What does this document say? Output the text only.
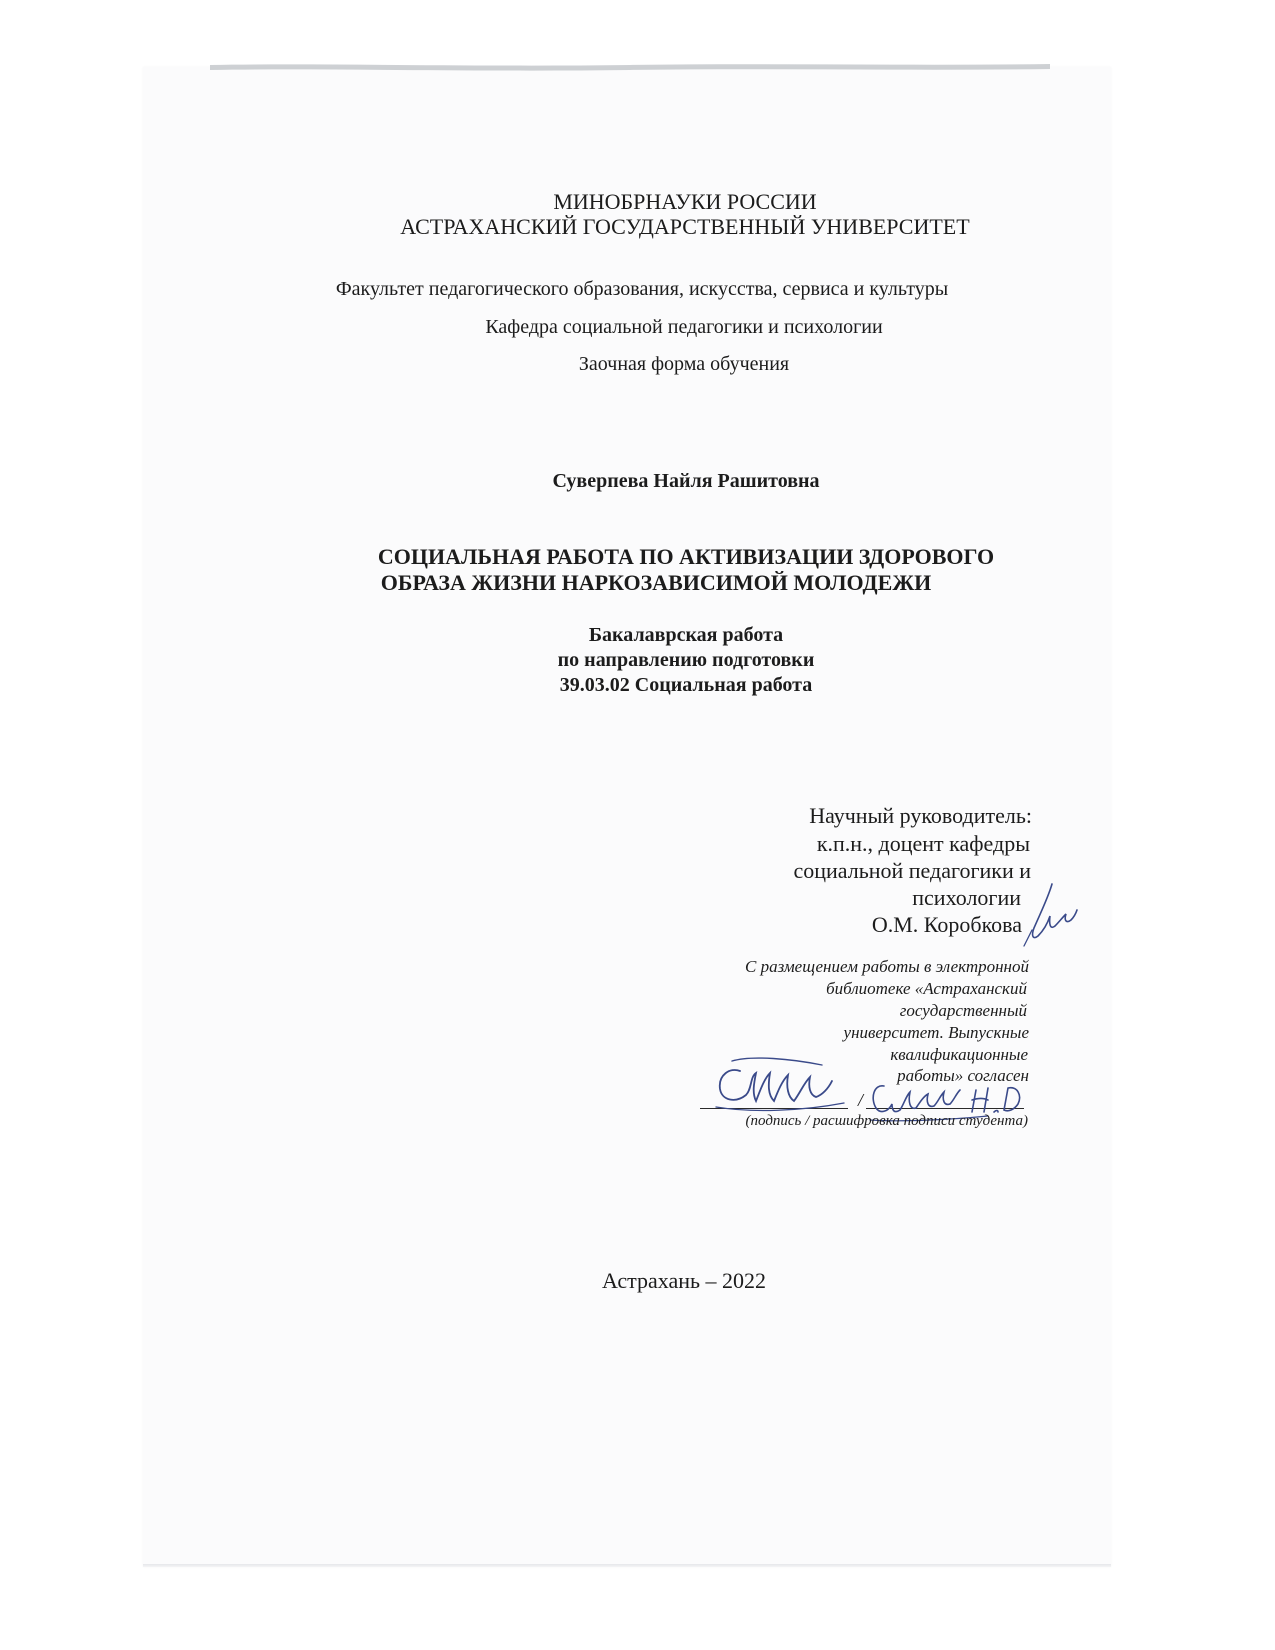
МИНОБРНАУКИ РОССИИ

АСТРАХАНСКИЙ ГОСУДАРСТВЕННЫЙ УНИВЕРСИТЕТ

Факультет педагогического образования, искусства, сервиса и культуры

Кафедра социальной педагогики и психологии

Заочная форма обучения

Суверпева Найля Рашитовна

СОЦИАЛЬНАЯ РАБОТА ПО АКТИВИЗАЦИИ ЗДОРОВОГО

ОБРАЗА ЖИЗНИ НАРКОЗАВИСИМОЙ МОЛОДЕЖИ

Бакалаврская работа

по направлению подготовки

39.03.02 Социальная работа

Научный руководитель:

к.п.н., доцент кафедры

социальной педагогики и

психологии

О.М. Коробкова

С размещением работы в электронной

библиотеке «Астраханский

государственный

университет. Выпускные

квалификационные

работы» согласен

/

(подпись / расшифровка подписи студента)

Астрахань – 2022
